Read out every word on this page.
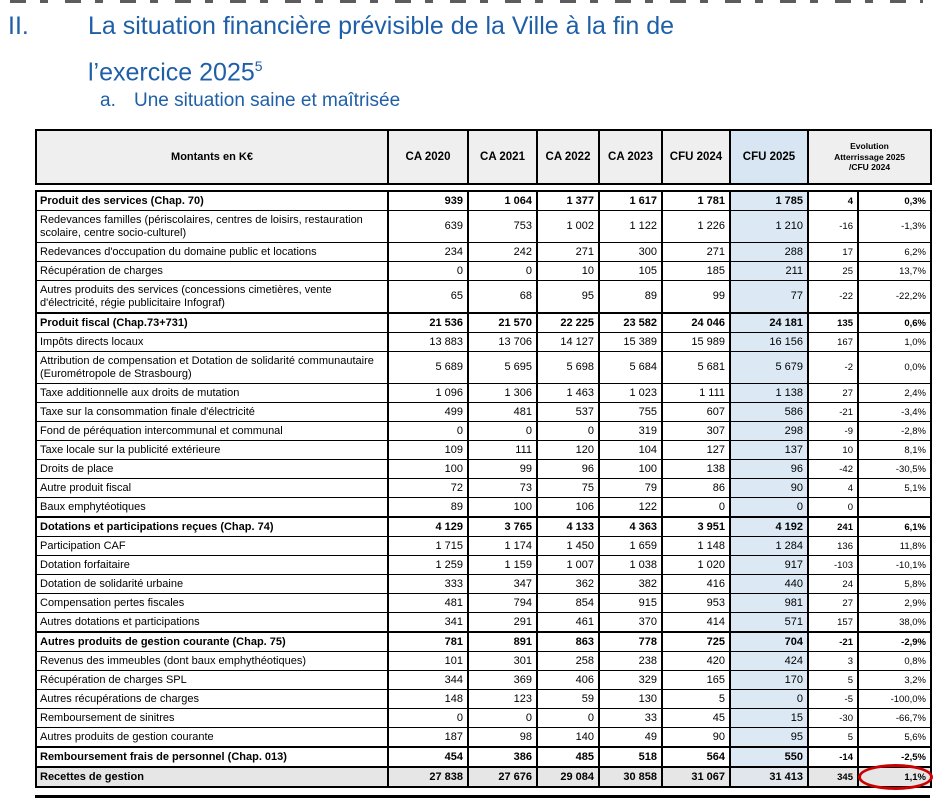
II.	La situation financière prévisible de la Ville à la fin de
l’exercice 2025$^5$
a. Une situation saine et maîtrisée
Montants en K€	CA 2020	CA 2021	CA 2022	CA 2023	CFU 2024	CFU 2025	
Evolution
Atterrissage 2025
/CFU 2024
Produit des services (Chap. 70)	939	1 064	1 377	1 617	1 781	1 785	4	0,3%
Redevances familles (périscolaires, centres de loisirs, restauration scolaire, centre socio-culturel)	639	753	1 002	1 122	1 226	1 210	-16	-1,3%
Redevances d'occupation du domaine public et locations	234	242	271	300	271	288	17	6,2%
Récupération de charges	0	0	10	105	185	211	25	13,7%
Autres produits des services (concessions cimetières, vente d'électricité, régie publicitaire Infograf)	65	68	95	89	99	77	-22	-22,2%
Produit fiscal (Chap.73+731)	21 536	21 570	22 225	23 582	24 046	24 181	135	0,6%
Impôts directs locaux	13 883	13 706	14 127	15 389	15 989	16 156	167	1,0%
Attribution de compensation et Dotation de solidarité communautaire (Eurométropole de Strasbourg)	5 689	5 695	5 698	5 684	5 681	5 679	-2	0,0%
Taxe additionnelle aux droits de mutation	1 096	1 306	1 463	1 023	1 111	1 138	27	2,4%
Taxe sur la consommation finale d'électricité	499	481	537	755	607	586	-21	-3,4%
Fond de péréquation intercommunal et communal	0	0	0	319	307	298	-9	-2,8%
Taxe locale sur la publicité extérieure	109	111	120	104	127	137	10	8,1%
Droits de place	100	99	96	100	138	96	-42	-30,5%
Autre produit fiscal	72	73	75	79	86	90	4	5,1%
Baux emphytéotiques	89	100	106	122	0	0	0	
Dotations et participations reçues (Chap. 74)	4 129	3 765	4 133	4 363	3 951	4 192	241	6,1%
Participation CAF	1 715	1 174	1 450	1 659	1 148	1 284	136	11,8%
Dotation forfaitaire	1 259	1 159	1 007	1 038	1 020	917	-103	-10,1%
Dotation de solidarité urbaine	333	347	362	382	416	440	24	5,8%
Compensation pertes fiscales	481	794	854	915	953	981	27	2,9%
Autres dotations et participations	341	291	461	370	414	571	157	38,0%
Autres produits de gestion courante (Chap. 75)	781	891	863	778	725	704	-21	-2,9%
Revenus des immeubles (dont baux emphythéotiques)	101	301	258	238	420	424	3	0,8%
Récupération de charges SPL	344	369	406	329	165	170	5	3,2%
Autres récupérations de charges	148	123	59	130	5	0	-5	-100,0%
Remboursement de sinitres	0	0	0	33	45	15	-30	-66,7%
Autres produits de gestion courante	187	98	140	49	90	95	5	5,6%
Remboursement frais de personnel (Chap. 013)	454	386	485	518	564	550	-14	-2,5%
Recettes de gestion	27 838	27 676	29 084	30 858	31 067	31 413	345	1,1%
